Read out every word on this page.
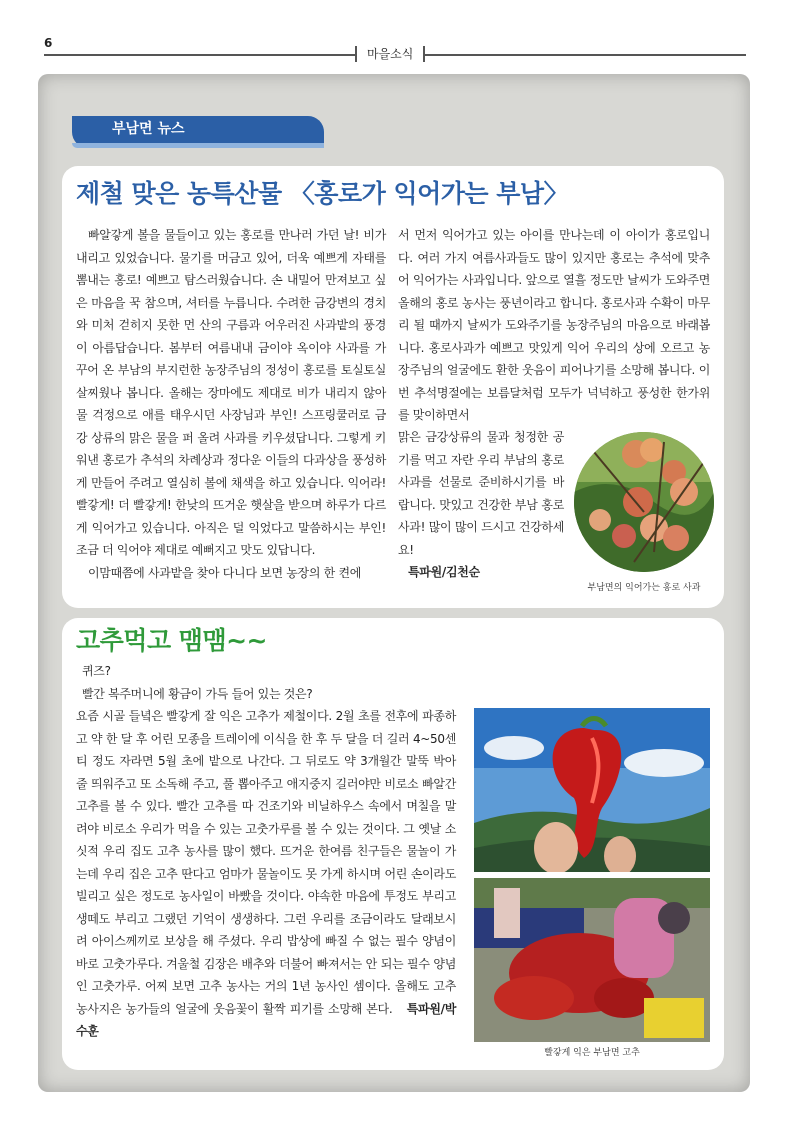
6
마을소식
부남면 뉴스
제철 맞은 농특산물 〈홍로가 익어가는 부남〉

빠알갛게 볼을 물들이고 있는 홍로를 만나러 가던 날! 비가 내리고 있었습니다. 물기를 머금고 있어, 더욱 예쁘게 자태를 뽐내는 홍로! 예쁘고 탐스러웠습니다. 손 내밀어 만져보고 싶은 마음을 꾹 참으며, 셔터를 누릅니다. 수려한 금강변의 경치와 미처 걷히지 못한 먼 산의 구름과 어우러진 사과밭의 풍경이 아름답습니다. 봄부터 여름내내 금이야 옥이야 사과를 가꾸어 온 부남의 부지런한 농장주님의 정성이 홍로를 토실토실 살찌웠나 봅니다. 올해는 장마에도 제대로 비가 내리지 않아 물 걱정으로 애를 태우시던 사장님과 부인! 스프링쿨러로 금강 상류의 맑은 물을 퍼 올려 사과를 키우셨답니다. 그렇게 키워낸 홍로가 추석의 차례상과 정다운 이들의 다과상을 풍성하게 만들어 주려고 열심히 볼에 채색을 하고 있습니다. 익어라! 빨갛게! 더 빨갛게! 한낮의 뜨거운 햇살을 받으며 하루가 다르게 익어가고 있습니다. 아직은 덜 익었다고 말씀하시는 부인! 조금 더 익어야 제대로 예뻐지고 맛도 있답니다.

이맘때쯤에 사과밭을 찾아 다니다 보면 농장의 한 켠에

서 먼저 익어가고 있는 아이를 만나는데 이 아이가 홍로입니다. 여러 가지 여름사과들도 많이 있지만 홍로는 추석에 맞추어 익어가는 사과입니다. 앞으로 열흘 정도만 날씨가 도와주면 올해의 홍로 농사는 풍년이라고 합니다. 홍로사과 수확이 마무리 될 때까지 날씨가 도와주기를 농장주님의 마음으로 바래봅니다. 홍로사과가 예쁘고 맛있게 익어 우리의 상에 오르고 농장주님의 얼굴에도 환한 웃음이 피어나기를 소망해 봅니다. 이번 추석명절에는 보름달처럼 모두가 넉넉하고 풍성한 한가위를 맞이하면서

맑은 금강상류의 물과 청정한 공기를 먹고 자란 우리 부남의 홍로사과를 선물로 준비하시기를 바랍니다. 맛있고 건강한 부남 홍로사과! 많이 많이 드시고 건강하세요!

특파원/김천순

부남면의 익어가는 홍로 사과
고추먹고 맴맴~~

퀴즈?

빨간 복주머니에 황금이 가득 들어 있는 것은?

요즘 시골 들녘은 빨갛게 잘 익은 고추가 제철이다. 2월 초를 전후에 파종하고 약 한 달 후 어린 모종을 트레이에 이식을 한 후 두 달을 더 길러 4~50센티 정도 자라면 5월 초에 밭으로 나간다. 그 뒤로도 약 3개월간 말뚝 박아 줄 띄워주고 또 소독해 주고, 풀 뽑아주고 애지중지 길러야만 비로소 빠알간 고추를 볼 수 있다. 빨간 고추를 따 건조기와 비닐하우스 속에서 며칠을 말려야 비로소 우리가 먹을 수 있는 고춧가루를 볼 수 있는 것이다. 그 옛날 소싯적 우리 집도 고추 농사를 많이 했다. 뜨거운 한여름 친구들은 물놀이 가는데 우리 집은 고추 딴다고 엄마가 물놀이도 못 가게 하시며 어린 손이라도 빌리고 싶은 정도로 농사일이 바빴을 것이다. 야속한 마음에 투정도 부리고 생떼도 부리고 그랬던 기억이 생생하다. 그런 우리를 조금이라도 달래보시려 아이스께끼로 보상을 해 주셨다. 우리 밥상에 빠질 수 없는 필수 양념이 바로 고춧가루다. 겨울철 김장은 배추와 더불어 빠져서는 안 되는 필수 양념인 고춧가루. 어찌 보면 고추 농사는 거의 1년 농사인 셈이다. 올해도 고추 농사지은 농가들의 얼굴에 웃음꽃이 활짝 피기를 소망해 본다. 특파원/박수훈
빨갛게 익은 부남면 고추
